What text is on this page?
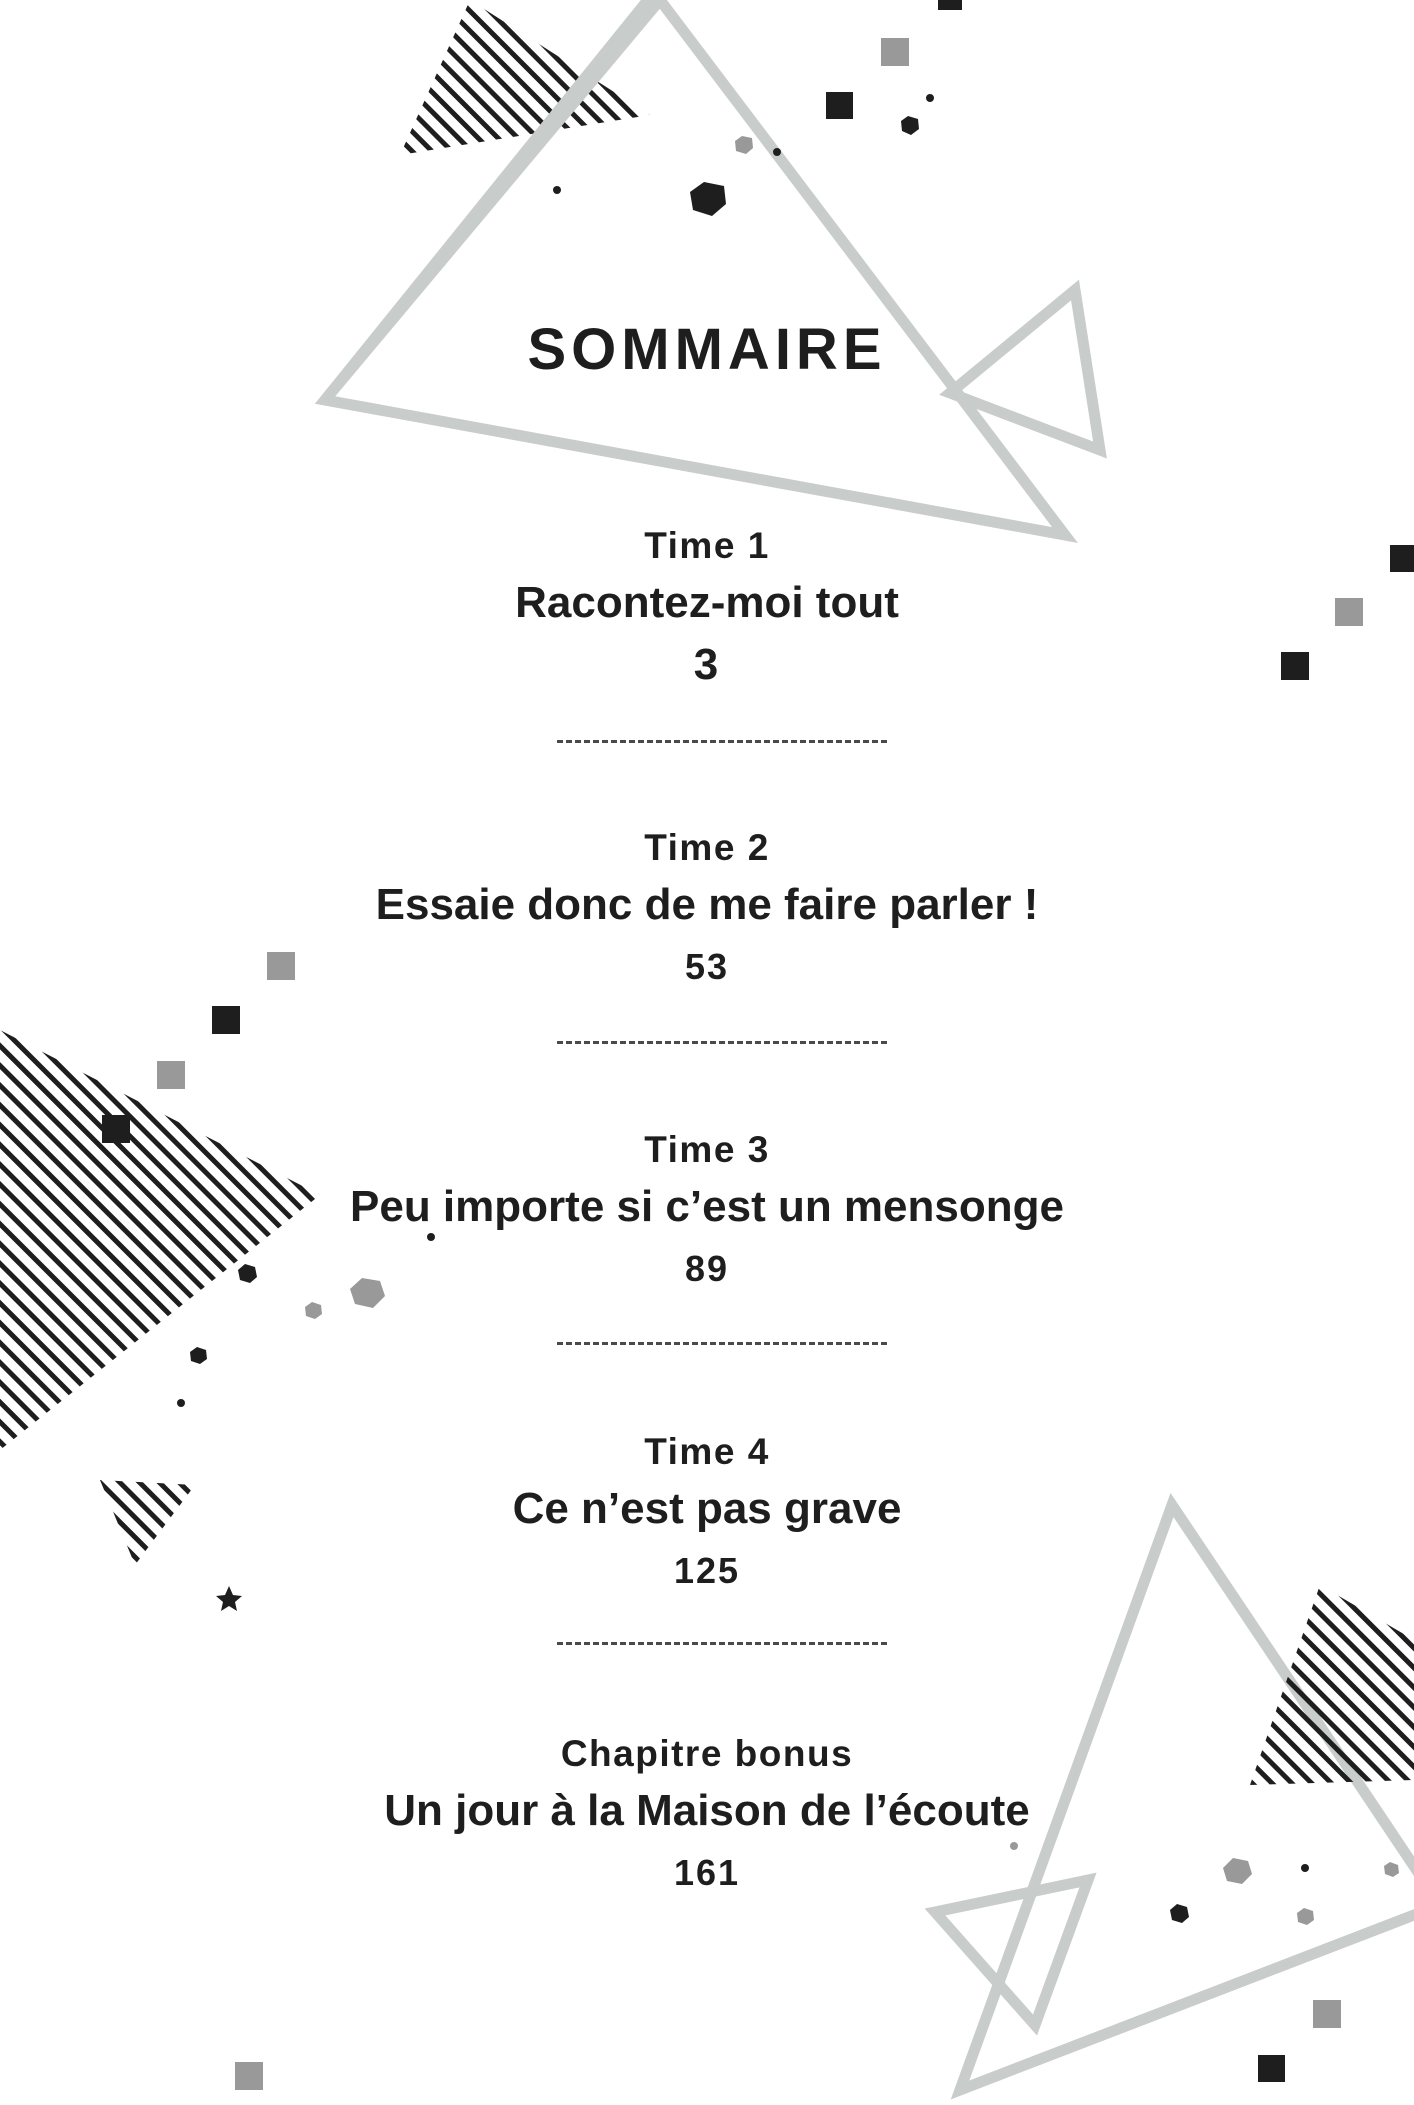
SOMMAIRE
Time 1
Racontez-moi tout
3
Time 2
Essaie donc de me faire parler !
53
Time 3
Peu importe si c’est un mensonge
89
Time 4
Ce n’est pas grave
125
Chapitre bonus
Un jour à la Maison de l’écoute
161
